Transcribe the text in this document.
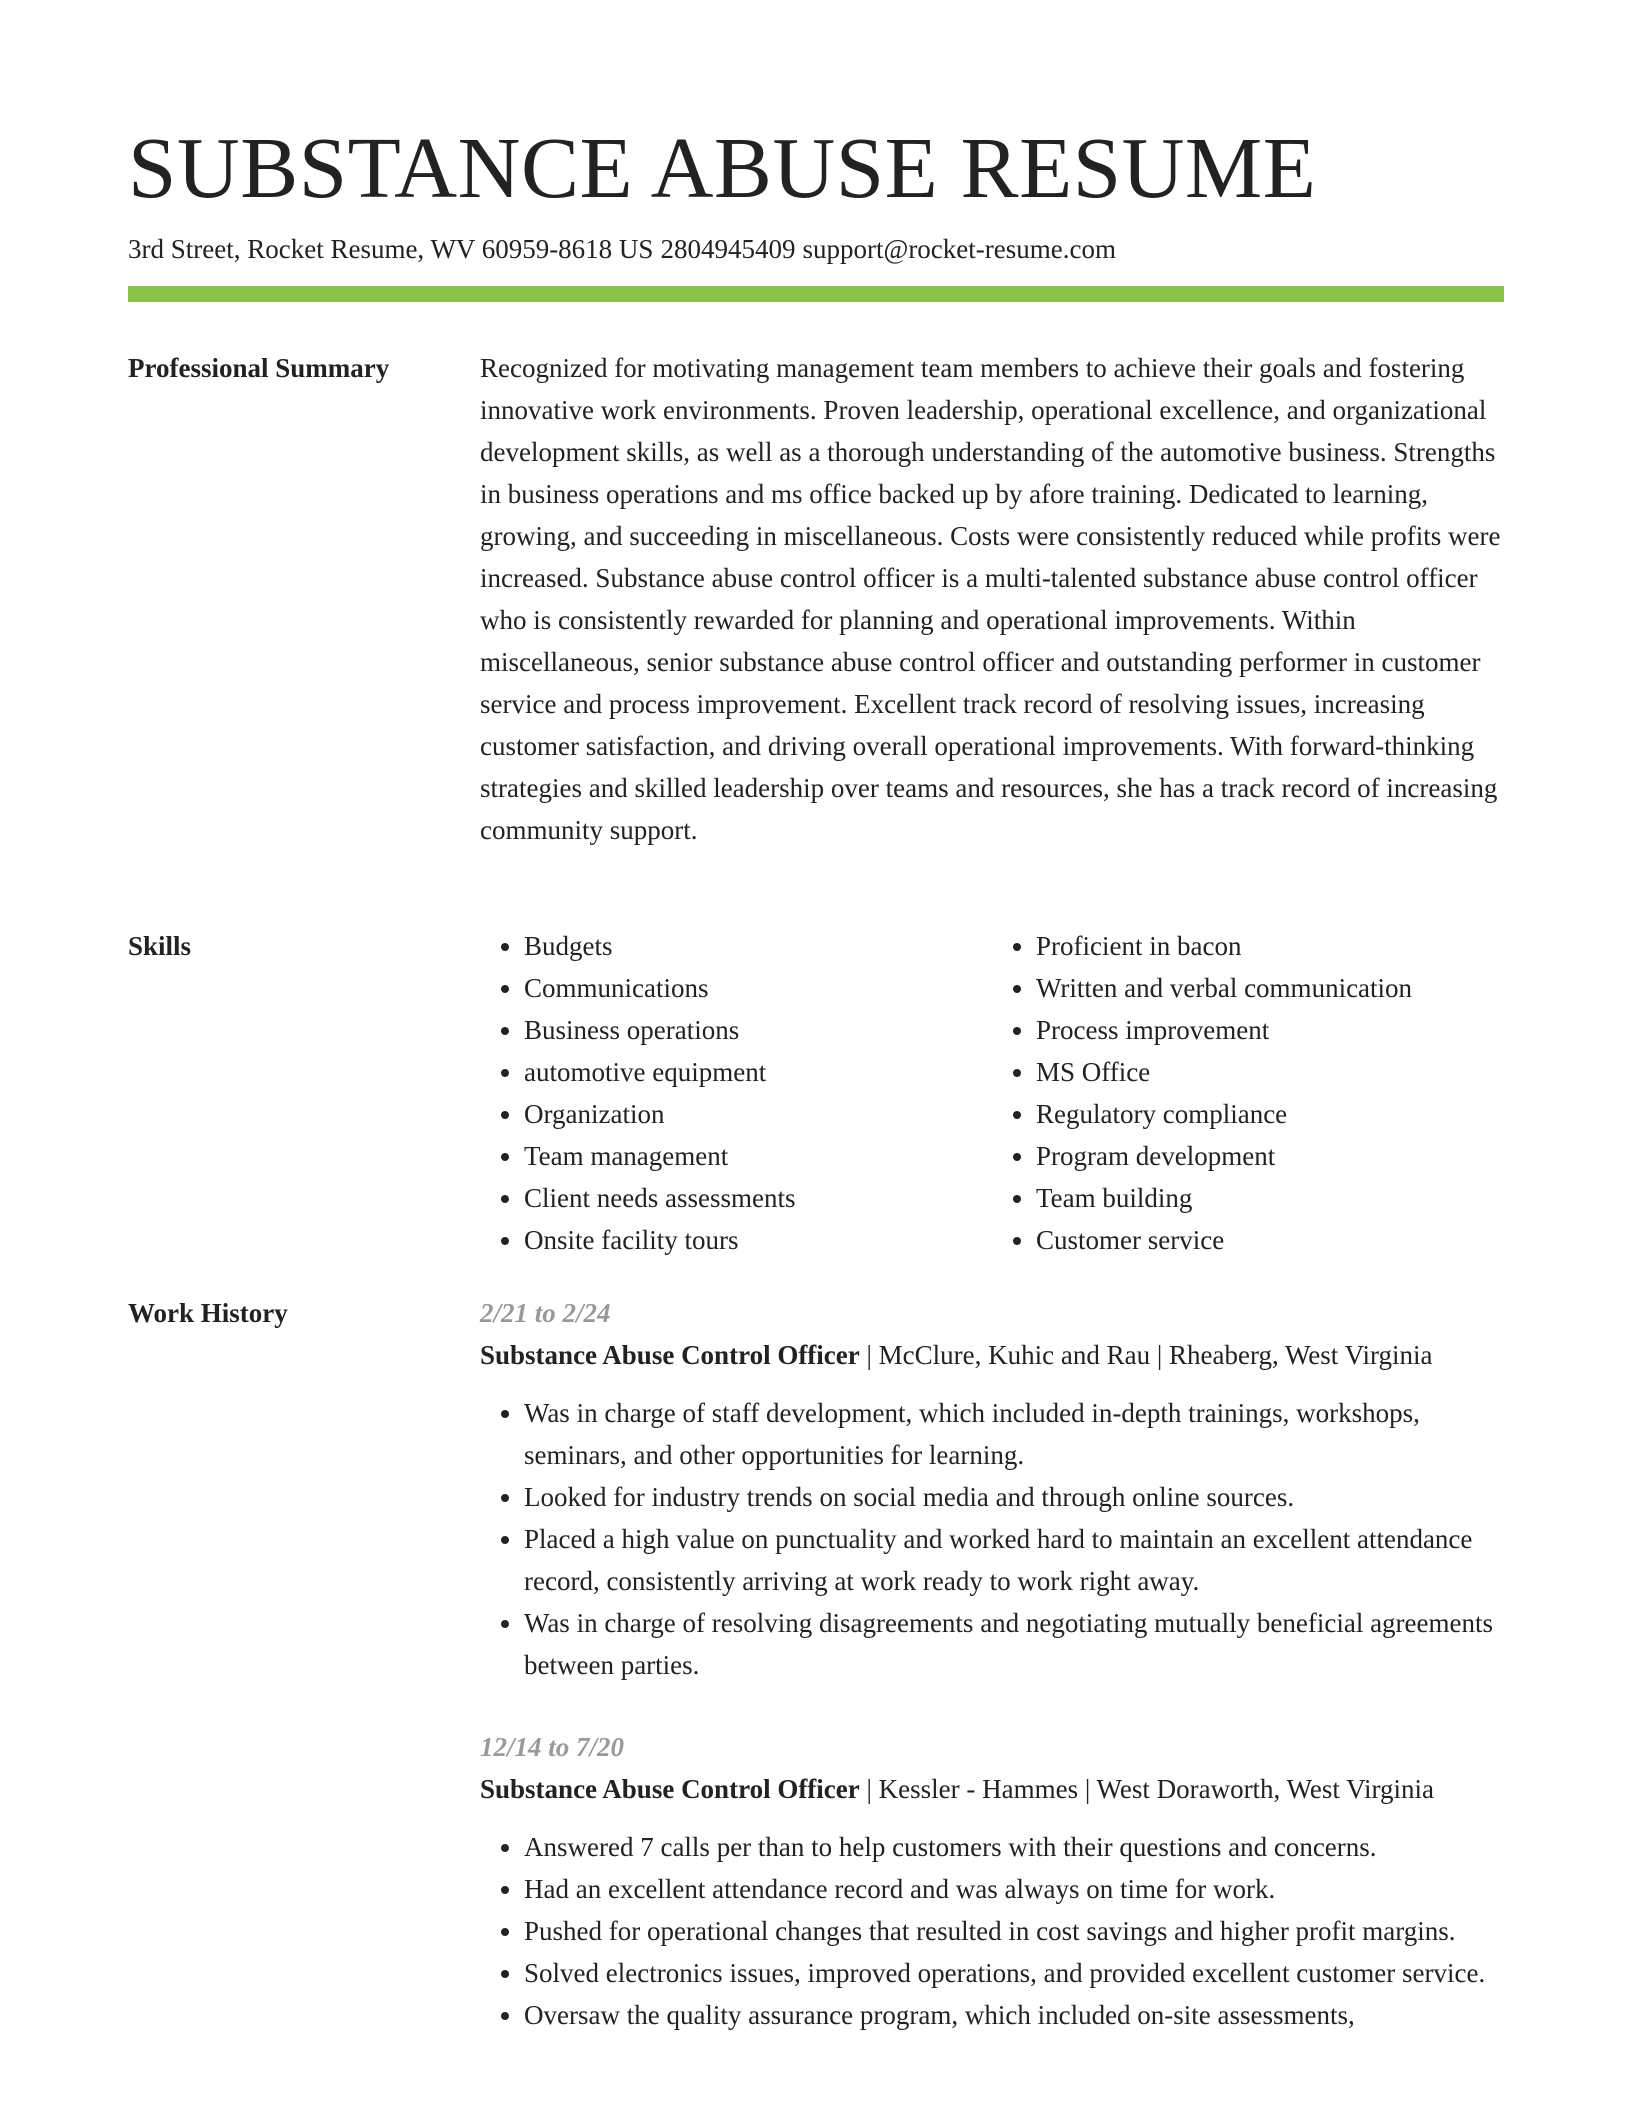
SUBSTANCE ABUSE RESUME
3rd Street, Rocket Resume, WV 60959-8618 US 2804945409 support@rocket-resume.com
Professional Summary	Recognized for motivating management team members to achieve their goals and fostering innovative work environments. Proven leadership, operational excellence, and organizational development skills, as well as a thorough understanding of the automotive business. Strengths in business operations and ms office backed up by afore training. Dedicated to learning, growing, and succeeding in miscellaneous. Costs were consistently reduced while profits were increased. Substance abuse control officer is a multi-talented substance abuse control officer who is consistently rewarded for planning and operational improvements. Within miscellaneous, senior substance abuse control officer and outstanding performer in customer service and process improvement. Excellent track record of resolving issues, increasing customer satisfaction, and driving overall operational improvements. With forward-thinking strategies and skilled leadership over teams and resources, she has a track record of increasing community support.

Skills
•	Budgets
• Communications
• Business operations
• automotive equipment
• Organization
• Team management
• Client needs assessments
• Onsite facility tours
• Proficient in bacon
• Written and verbal communication
• Process improvement
• MS Office
• Regulatory compliance
• Program development
• Team building
• Customer service
Work History	2/21 to 2/24
Substance Abuse Control Officer | McClure, Kuhic and Rau | Rheaberg, West Virginia
• Was in charge of staff development, which included in-depth trainings, workshops, seminars, and other opportunities for learning.
• Looked for industry trends on social media and through online sources.
• Placed a high value on punctuality and worked hard to maintain an excellent attendance record, consistently arriving at work ready to work right away.
• Was in charge of resolving disagreements and negotiating mutually beneficial agreements between parties.
12/14 to 7/20
Substance Abuse Control Officer | Kessler - Hammes | West Doraworth, West Virginia
• Answered 7 calls per than to help customers with their questions and concerns.
• Had an excellent attendance record and was always on time for work.
• Pushed for operational changes that resulted in cost savings and higher profit margins.
• Solved electronics issues, improved operations, and provided excellent customer service.
• Oversaw the quality assurance program, which included on-site assessments,
